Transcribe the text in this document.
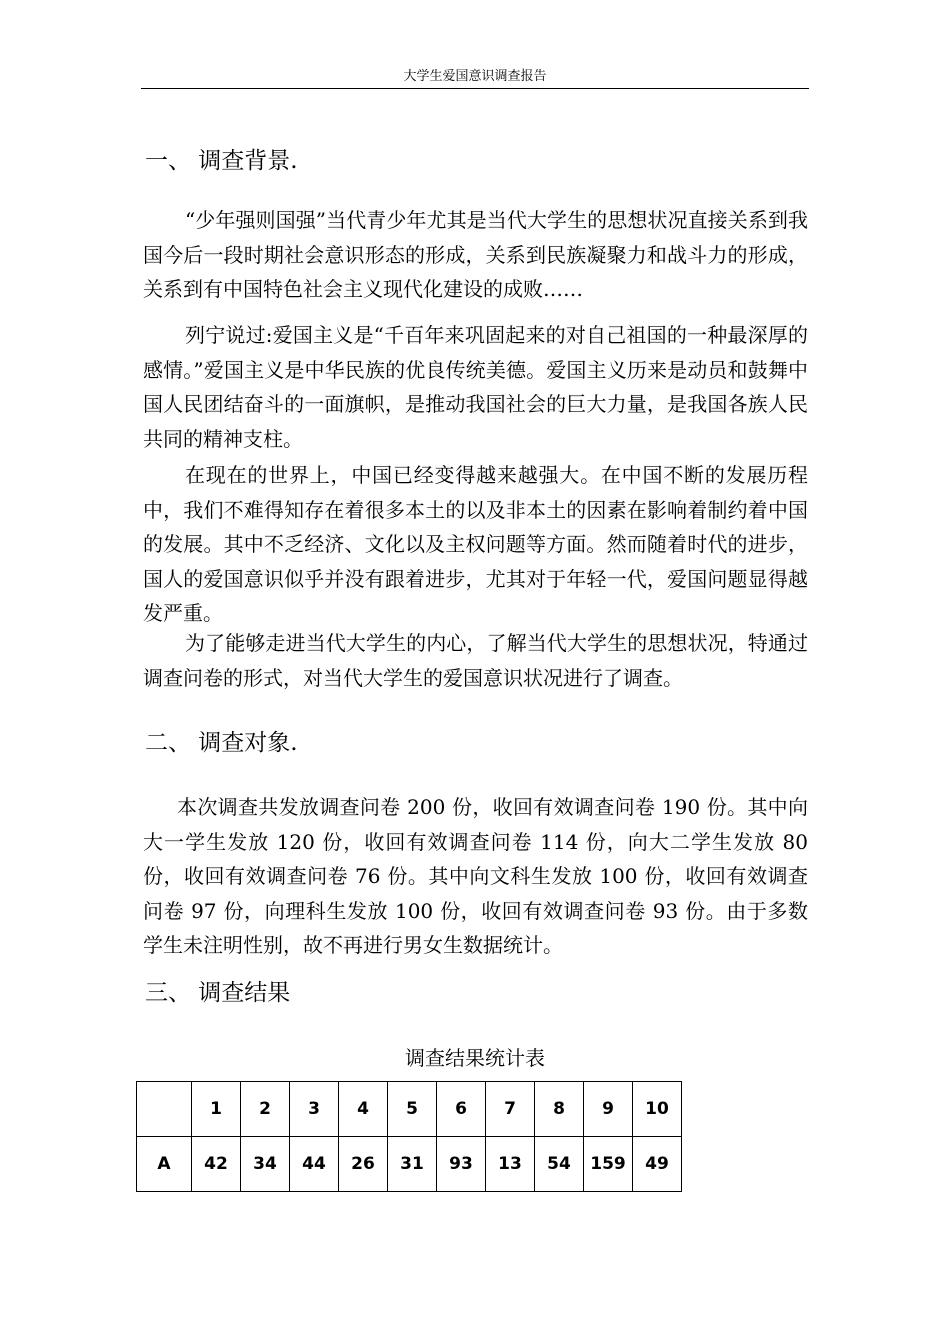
大学生爱国意识调查报告
一、 调查背景.
“少年强则国强”当代青少年尤其是当代大学生的思想状况直接关系到我国今后一段时期社会意识形态的形成，关系到民族凝聚力和战斗力的形成，关系到有中国特色社会主义现代化建设的成败……
列宁说过:爱国主义是“千百年来巩固起来的对自己祖国的一种最深厚的感情。”爱国主义是中华民族的优良传统美德。爱国主义历来是动员和鼓舞中国人民团结奋斗的一面旗帜，是推动我国社会的巨大力量，是我国各族人民共同的精神支柱。
在现在的世界上，中国已经变得越来越强大。在中国不断的发展历程中，我们不难得知存在着很多本土的以及非本土的因素在影响着制约着中国的发展。其中不乏经济、文化以及主权问题等方面。然而随着时代的进步，国人的爱国意识似乎并没有跟着进步，尤其对于年轻一代，爱国问题显得越发严重。
为了能够走进当代大学生的内心，了解当代大学生的思想状况，特通过调查问卷的形式，对当代大学生的爱国意识状况进行了调查。
二、 调查对象.
本次调查共发放调查问卷 200 份，收回有效调查问卷 190 份。其中向大一学生发放 120 份，收回有效调查问卷 114 份，向大二学生发放 80 份，收回有效调查问卷 76 份。其中向文科生发放 100 份，收回有效调查问卷 97 份，向理科生发放 100 份，收回有效调查问卷 93 份。由于多数学生未注明性别，故不再进行男女生数据统计。
三、 调查结果
调查结果统计表
	1	2	3	4	5	6	7	8	9	10
A	42	34	44	26	31	93	13	54	159	49
